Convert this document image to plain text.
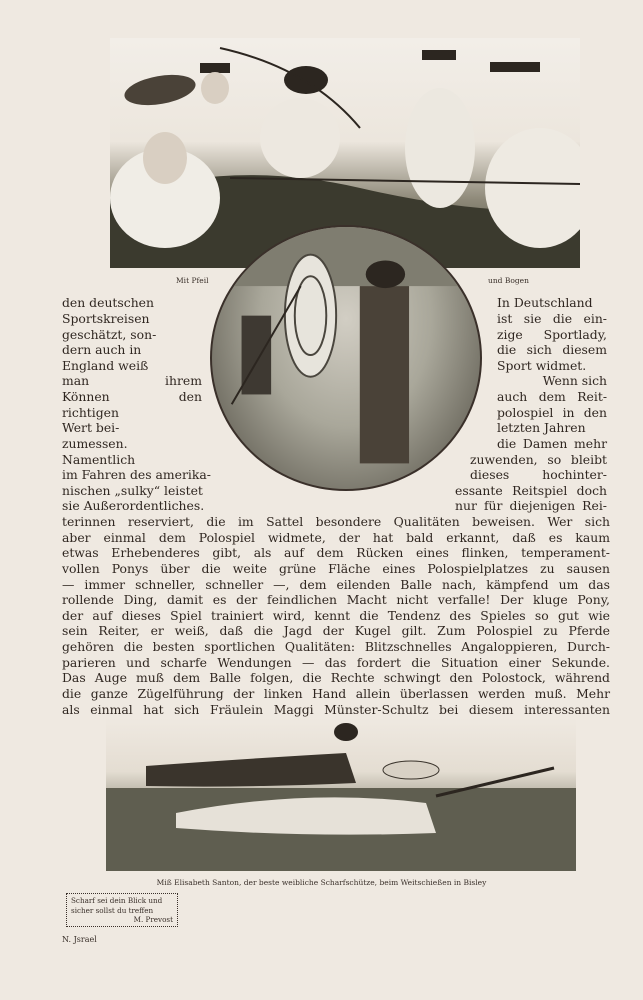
Mit Pfeil	und Bogen
den deutschen
Sportskreisen
geschätzt, son-
dern auch in
England weiß
man ihrem
Können den
richtigen
Wert bei-
zumessen.
Namentlich
im Fahren des amerika-
nischen „sulky“ leistet
sie Außerordentliches.
In Deutschland
ist sie die ein-
zige Sportlady,
die sich diesem
Sport widmet.
Wenn sich
auch dem Reit-
polospiel in den
letzten Jahren
die Damen mehr
zuwenden, so bleibt
dieses hochinter-
essante Reitspiel doch
nur für diejenigen Rei-
terinnen reserviert, die im Sattel besondere Qualitäten beweisen. Wer sich
aber einmal dem Polospiel widmete, der hat bald erkannt, daß es kaum
etwas Erhebenderes gibt, als auf dem Rücken eines flinken, temperament-
vollen Ponys über die weite grüne Fläche eines Polospielplatzes zu sausen
— immer schneller, schneller —, dem eilenden Balle nach, kämpfend um das
rollende Ding, damit es der feindlichen Macht nicht verfalle! Der kluge Pony,
der auf dieses Spiel trainiert wird, kennt die Tendenz des Spieles so gut wie
sein Reiter, er weiß, daß die Jagd der Kugel gilt. Zum Polospiel zu Pferde
gehören die besten sportlichen Qualitäten: Blitzschnelles Angaloppieren, Durch-
parieren und scharfe Wendungen — das fordert die Situation einer Sekunde.
Das Auge muß dem Balle folgen, die Rechte schwingt den Polostock, während
die ganze Zügelführung der linken Hand allein überlassen werden muß. Mehr
als einmal hat sich Fräulein Maggi Münster-Schultz bei diesem interessanten
Miß Elisabeth Santon, der beste weibliche Scharfschütze, beim Weitschießen in Bisley
Scharf sei dein Blick und
sicher sollst du treffen
M. Prevost
N. Jsrael
